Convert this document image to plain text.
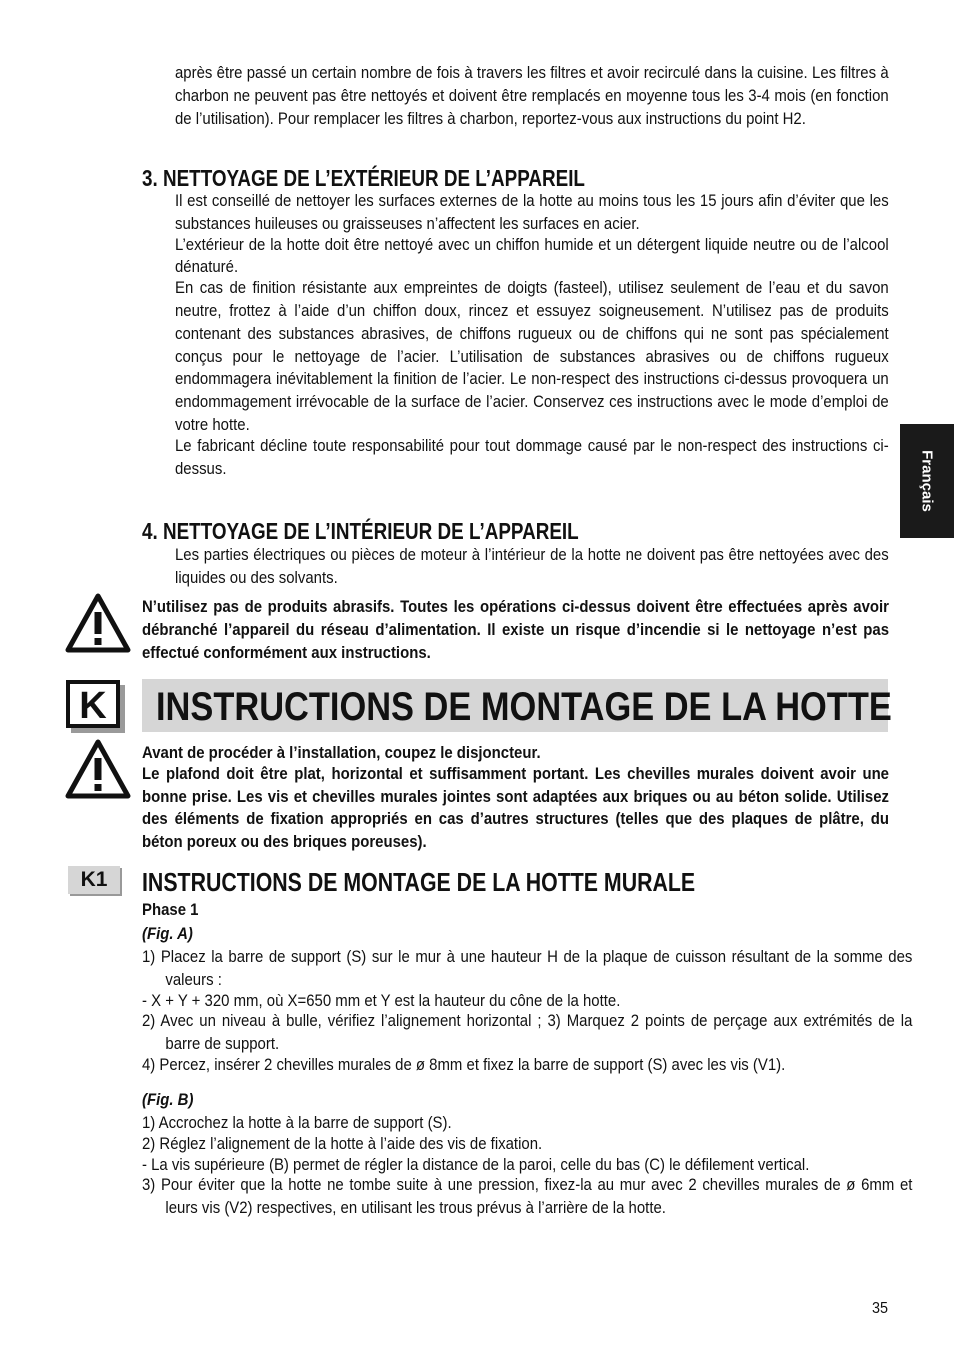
Français
après être passé un certain nombre de fois à travers les filtres et avoir recirculé dans la cuisine. Les filtres à charbon ne peuvent pas être nettoyés et doivent être remplacés en moyenne tous les 3-4 mois (en fonction de l’utilisation). Pour remplacer les filtres à charbon, reportez-vous aux instructions du point H2.
3. NETTOYAGE DE L’EXTÉRIEUR DE L’APPAREIL
Il est conseillé de nettoyer les surfaces externes de la hotte au moins tous les 15 jours afin d’éviter que les substances huileuses ou graisseuses n’affectent les surfaces en acier.
L’extérieur de la hotte doit être nettoyé avec un chiffon humide et un détergent liquide neutre ou de l’alcool dénaturé.
En cas de finition résistante aux empreintes de doigts (fasteel), utilisez seulement de l’eau et du savon neutre, frottez à l’aide d’un chiffon doux, rincez et essuyez soigneusement. N’utilisez pas de produits contenant des substances abrasives, de chiffons rugueux ou de chiffons qui ne sont pas spécialement conçus pour le nettoyage de l’acier. L’utilisation de substances abrasives ou de chiffons rugueux endommagera inévitablement la finition de l’acier. Le non-respect des instructions ci-dessus provoquera un endommagement irrévocable de la surface de l’acier. Conservez ces instructions avec le mode d’emploi de votre hotte.
Le fabricant décline toute responsabilité pour tout dommage causé par le non-respect des instructions ci-dessus.
4. NETTOYAGE DE L’INTÉRIEUR DE L’APPAREIL
Les parties électriques ou pièces de moteur à l’intérieur de la hotte ne doivent pas être nettoyées avec des liquides ou des solvants.
N’utilisez pas de produits abrasifs. Toutes les opérations ci-dessus doivent être effectuées après avoir débranché l’appareil du réseau d’alimentation. Il existe un risque d’incendie si le nettoyage n’est pas effectué conformément aux instructions.
K INSTRUCTIONS DE MONTAGE DE LA HOTTE
Avant de procéder à l’installation, coupez le disjoncteur.
Le plafond doit être plat, horizontal et suffisamment portant. Les chevilles murales doivent avoir une bonne prise. Les vis et chevilles murales jointes sont adaptées aux briques ou au béton solide. Utilisez des éléments de fixation appropriés en cas d’autres structures (telles que des plaques de plâtre, du béton poreux ou des briques poreuses).
K1	INSTRUCTIONS DE MONTAGE DE LA HOTTE MURALE
Phase 1
(Fig. A)
1) Placez la barre de support (S) sur le mur à une hauteur H de la plaque de cuisson résultant de la somme des valeurs :
- X + Y + 320 mm, où X=650 mm et Y est la hauteur du cône de la hotte.
2) Avec un niveau à bulle, vérifiez l’alignement horizontal ; 3) Marquez 2 points de perçage aux extrémités de la barre de support.
4) Percez, insérer 2 chevilles murales de ø 8mm et fixez la barre de support (S) avec les vis (V1).
(Fig. B)
1) Accrochez la hotte à la barre de support (S).
2) Réglez l’alignement de la hotte à l’aide des vis de fixation.
- La vis supérieure (B) permet de régler la distance de la paroi, celle du bas (C) le défilement vertical.
3) Pour éviter que la hotte ne tombe suite à une pression, fixez-la au mur avec 2 chevilles murales de ø 6mm et leurs vis (V2) respectives, en utilisant les trous prévus à l’arrière de la hotte.
35
